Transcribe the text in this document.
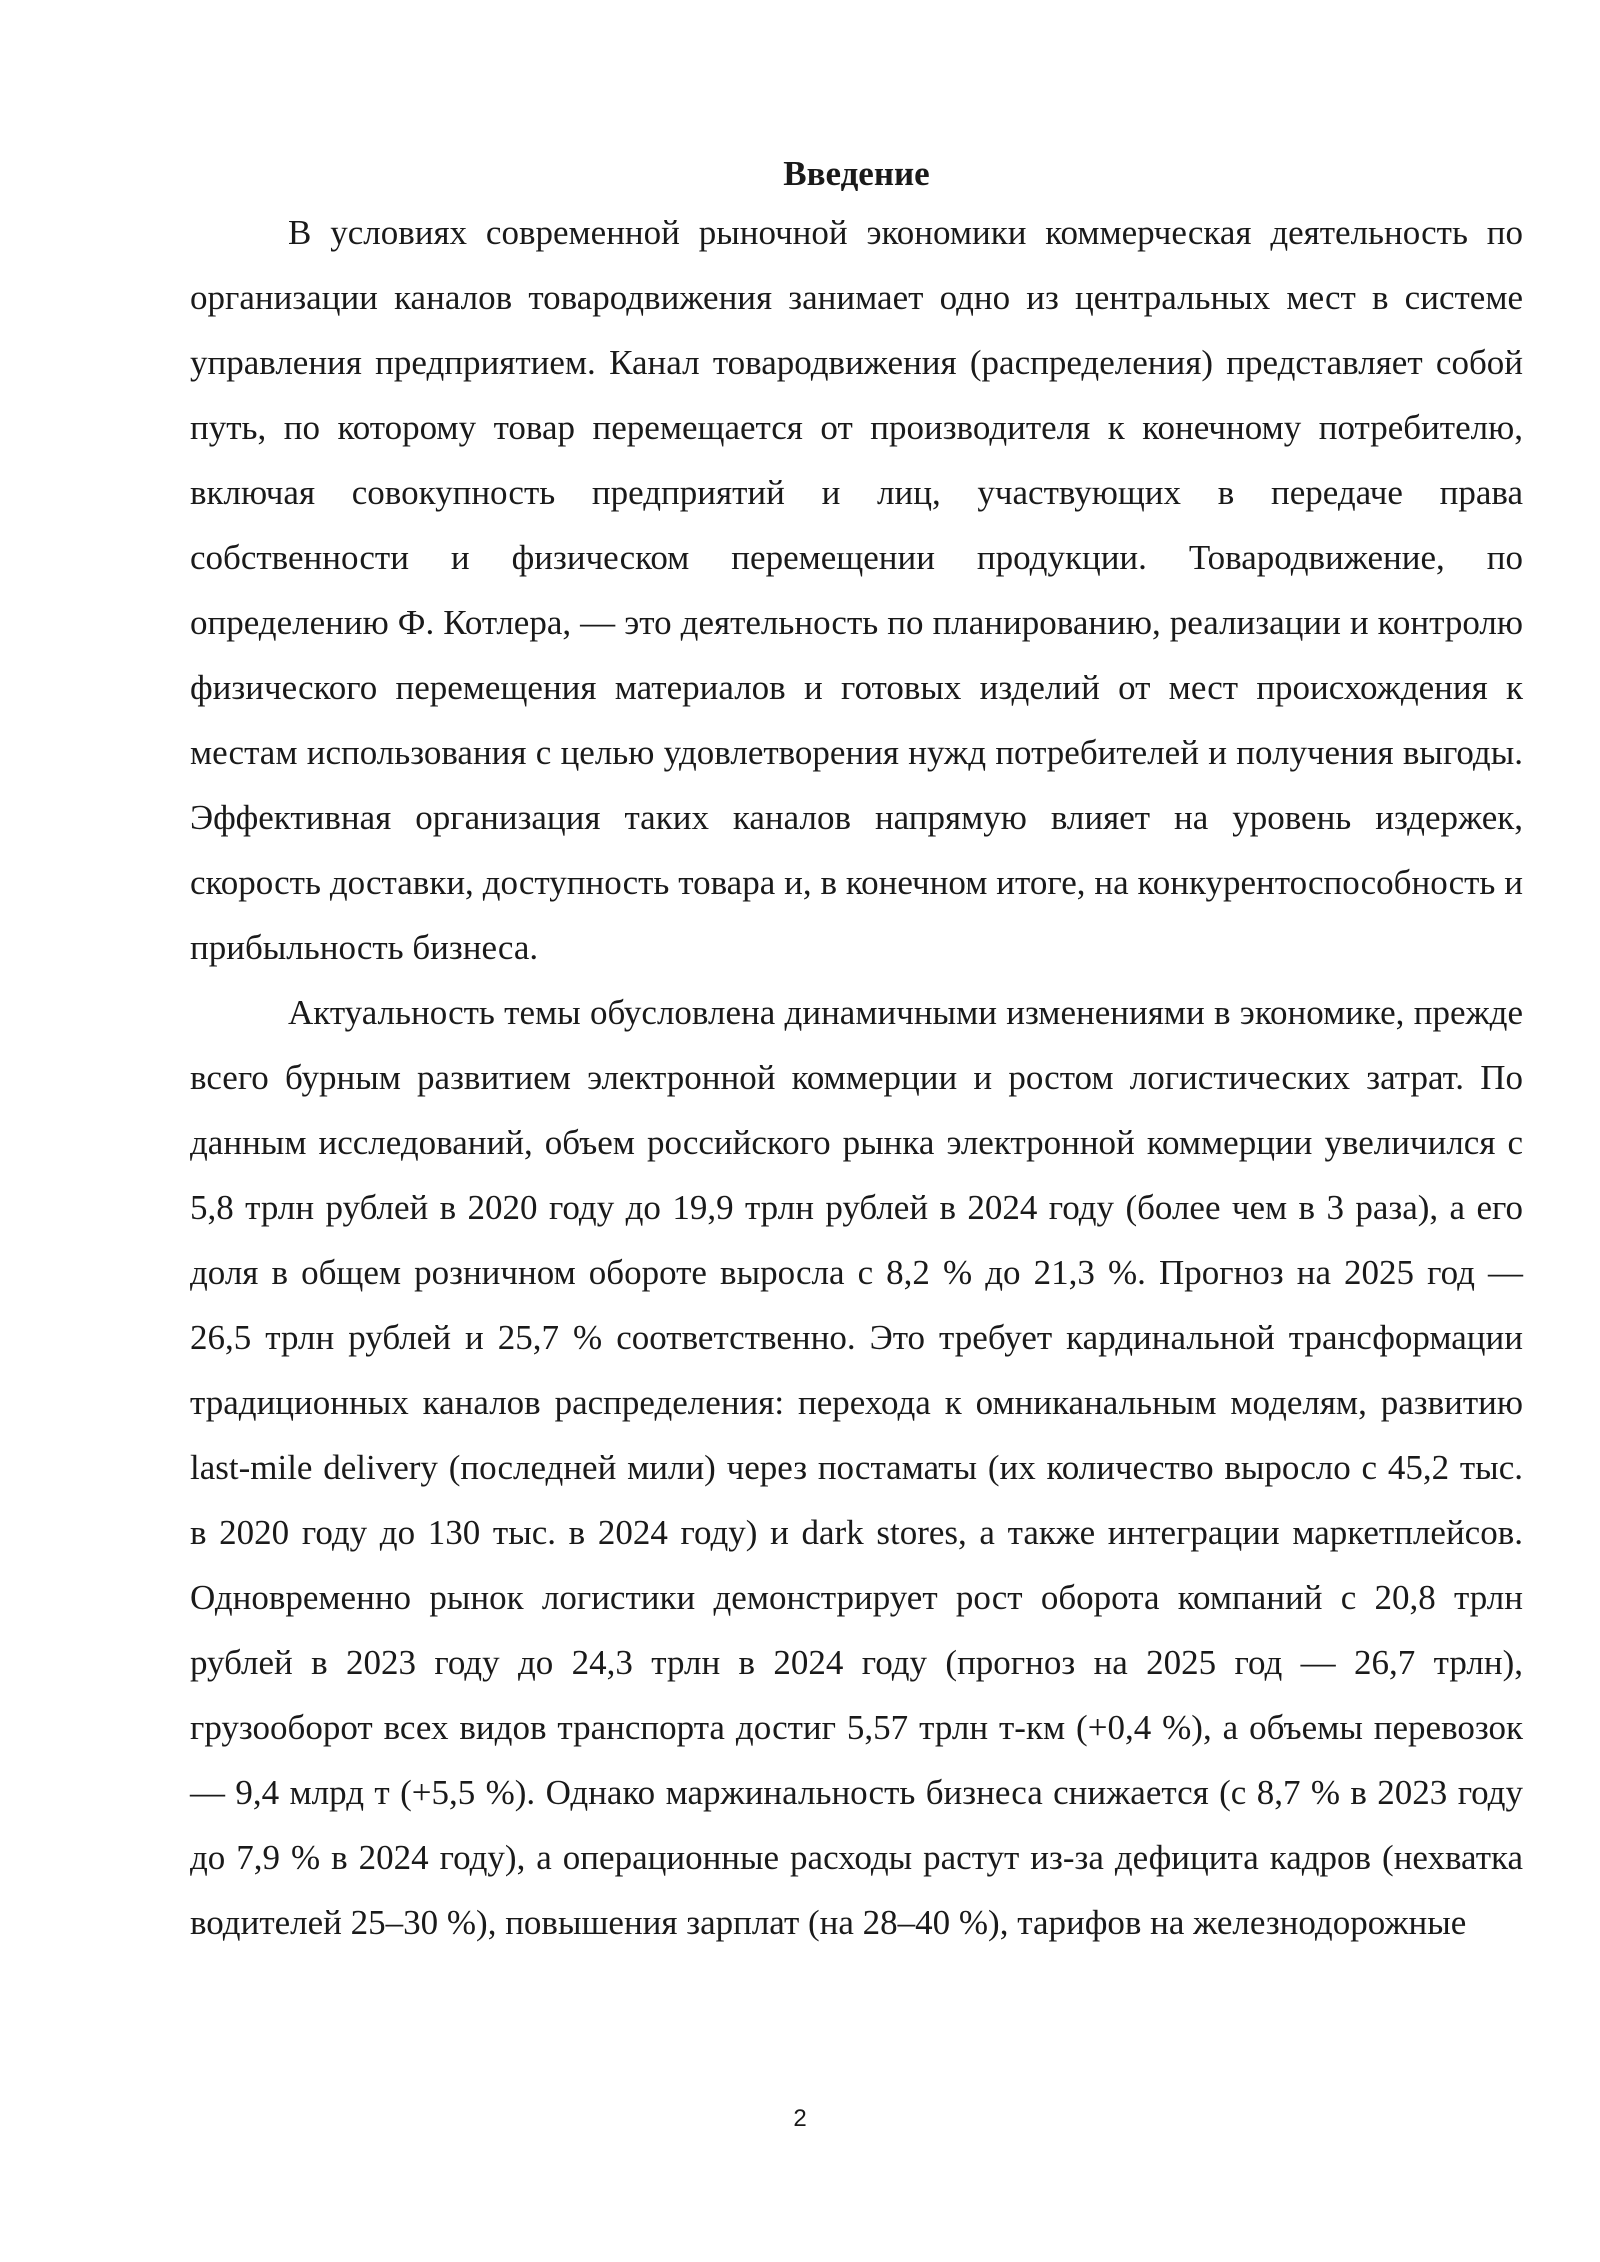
Введение

В условиях современной рыночной экономики коммерческая деятельность по организации каналов товародвижения занимает одно из центральных мест в системе управления предприятием. Канал товародвижения (распределения) представляет собой путь, по которому товар перемещается от производителя к конечному потребителю, включая совокупность предприятий и лиц, участвующих в передаче права собственности и физическом перемещении продукции. Товародвижение, по определению Ф. Котлера, — это деятельность по планированию, реализации и контролю физического перемещения материалов и готовых изделий от мест происхождения к местам использования с целью удовлетворения нужд потребителей и получения выгоды. Эффективная организация таких каналов напрямую влияет на уровень издержек, скорость доставки, доступность товара и, в конечном итоге, на конкурентоспособность и прибыльность бизнеса.

Актуальность темы обусловлена динамичными изменениями в экономике, прежде всего бурным развитием электронной коммерции и ростом логистических затрат. По данным исследований, объем российского рынка электронной коммерции увеличился с 5,8 трлн рублей в 2020 году до 19,9 трлн рублей в 2024 году (более чем в 3 раза), а его доля в общем розничном обороте выросла с 8,2 % до 21,3 %. Прогноз на 2025 год — 26,5 трлн рублей и 25,7 % соответственно. Это требует кардинальной трансформации традиционных каналов распределения: перехода к омниканальным моделям, развитию last-mile delivery (последней мили) через постаматы (их количество выросло с 45,2 тыс. в 2020 году до 130 тыс. в 2024 году) и dark stores, а также интеграции маркетплейсов. Одновременно рынок логистики демонстрирует рост оборота компаний с 20,8 трлн рублей в 2023 году до 24,3 трлн в 2024 году (прогноз на 2025 год — 26,7 трлн), грузооборот всех видов транспорта достиг 5,57 трлн т-км (+0,4 %), а объемы перевозок — 9,4 млрд т (+5,5 %). Однако маржинальность бизнеса снижается (с 8,7 % в 2023 году до 7,9 % в 2024 году), а операционные расходы растут из-за дефицита кадров (нехватка водителей 25–30 %), повышения зарплат (на 28–40 %), тарифов на железнодорожные

2
